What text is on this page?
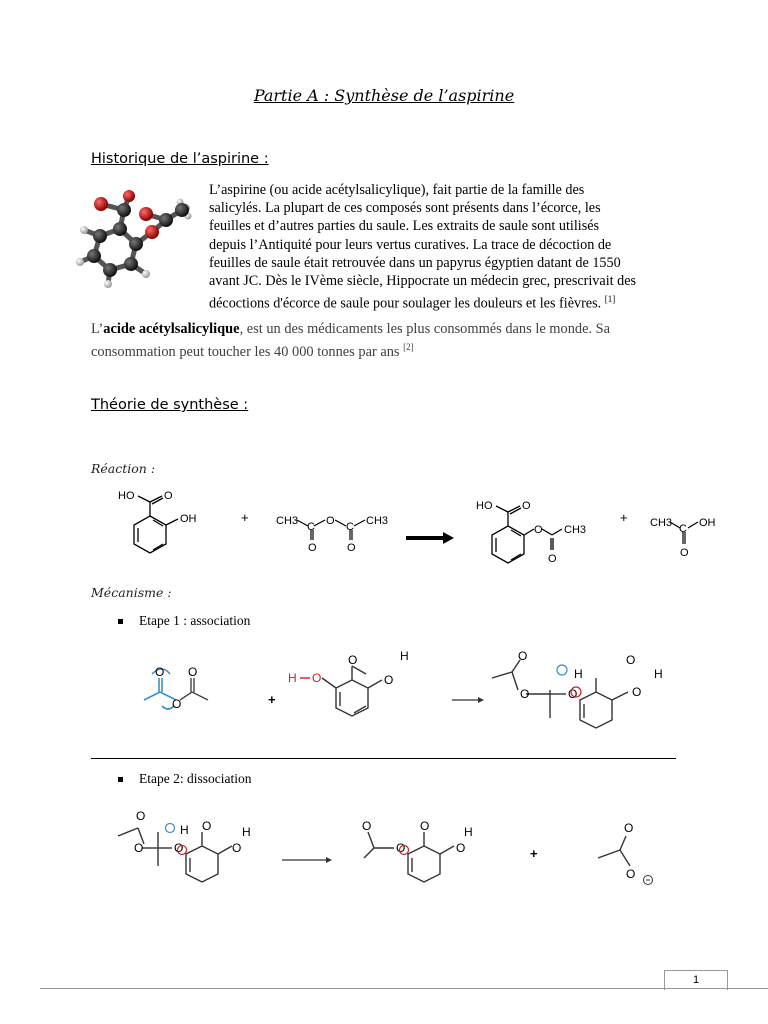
Partie A : Synthèse de l’aspirine
Historique de l’aspirine :

L’aspirine (ou acide acétylsalicylique), fait partie de la famille des

salicylés. La plupart de ces composés sont présents dans l’écorce, les

feuilles et d’autres parties du saule. Les extraits de saule sont utilisés

depuis l’Antiquité pour leurs vertus curatives. La trace de décoction de

feuilles de saule était retrouvée dans un papyrus égyptien datant de 1550

avant JC. Dès le IVème siècle, Hippocrate un médecin grec, prescrivait des

décoctions d'écorce de saule pour soulager les douleurs et les fièvres. [1]

L’acide acétylsalicylique, est un des médicaments les plus consommés dans le monde. Sa

consommation peut toucher les 40 000 tonnes par ans [2]

Théorie de synthèse :
Réaction :
HO	O
OH	+ CH3 C O C CH3
O	O
HO	O
O CH3
O
+ CH3 C OH
O
Mécanisme :
Etape 1 : association
O O
O	+
H O
O
O
H	O
O	O
H
O
O
H
Etape 2: dissociation
O
O	O
H O
O
H	O
O
O
O
H
+
O
O
1
